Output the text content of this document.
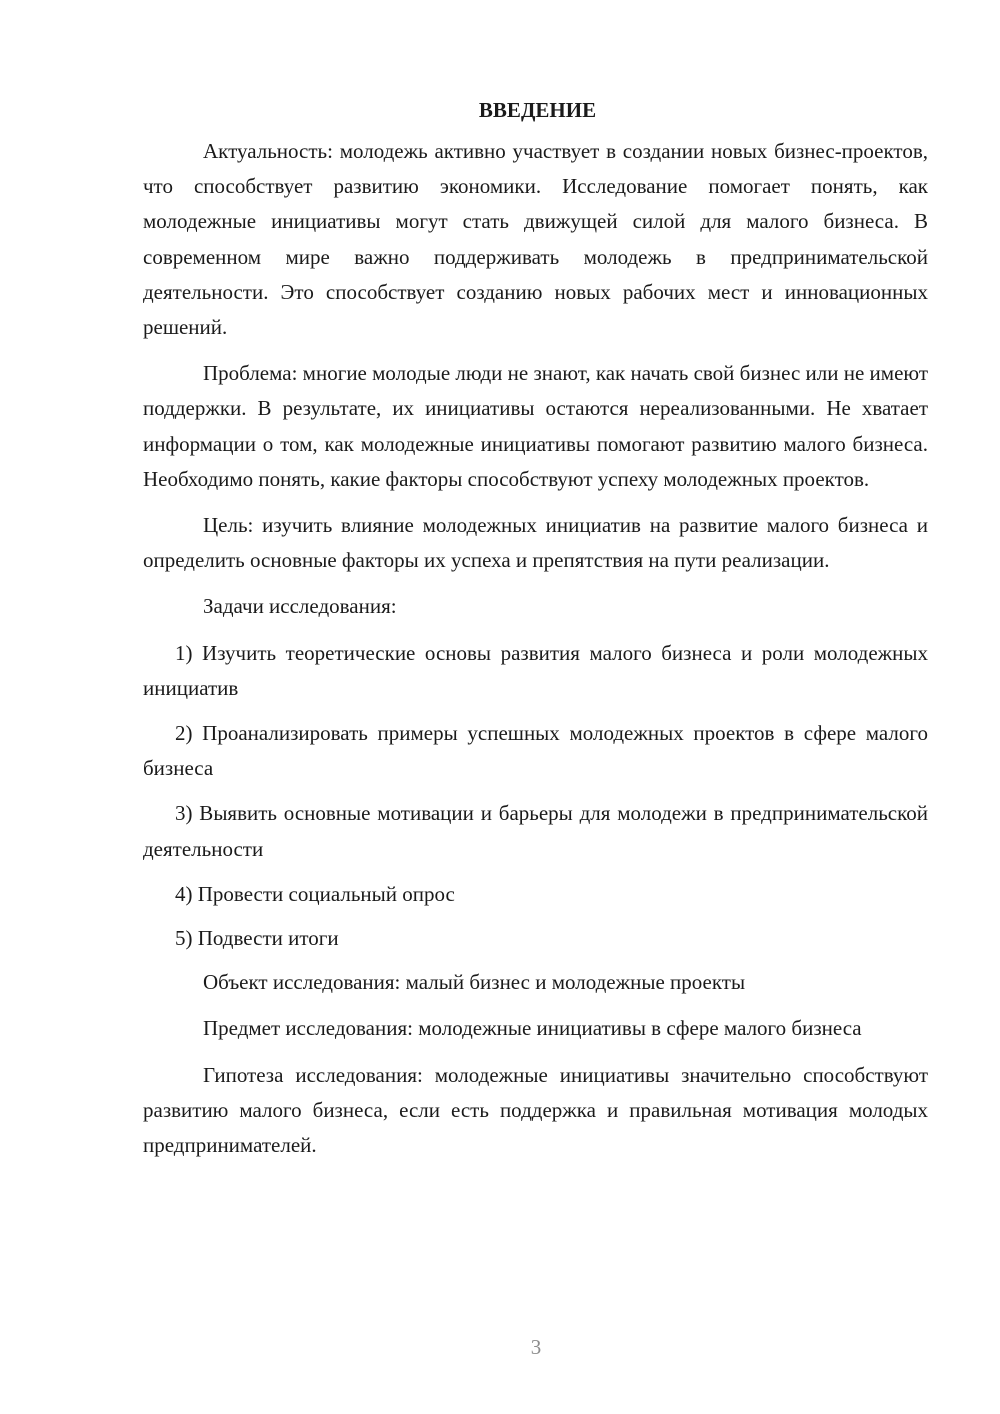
ВВЕДЕНИЕ

Актуальность: молодежь активно участвует в создании новых бизнес-проектов, что способствует развитию экономики. Исследование помогает понять, как молодежные инициативы могут стать движущей силой для малого бизнеса. В современном мире важно поддерживать молодежь в предпринимательской деятельности. Это способствует созданию новых рабочих мест и инновационных решений.

Проблема: многие молодые люди не знают, как начать свой бизнес или не имеют поддержки. В результате, их инициативы остаются нереализованными. Не хватает информации о том, как молодежные инициативы помогают развитию малого бизнеса. Необходимо понять, какие факторы способствуют успеху молодежных проектов.

Цель: изучить влияние молодежных инициатив на развитие малого бизнеса и определить основные факторы их успеха и препятствия на пути реализации.

Задачи исследования:

1) Изучить теоретические основы развития малого бизнеса и роли молодежных инициатив

2) Проанализировать примеры успешных молодежных проектов в сфере малого бизнеса

3) Выявить основные мотивации и барьеры для молодежи в предпринимательской деятельности

4) Провести социальный опрос

5) Подвести итоги

Объект исследования: малый бизнес и молодежные проекты

Предмет исследования: молодежные инициативы в сфере малого бизнеса

Гипотеза исследования: молодежные инициативы значительно способствуют развитию малого бизнеса, если есть поддержка и правильная мотивация молодых предпринимателей.

3
